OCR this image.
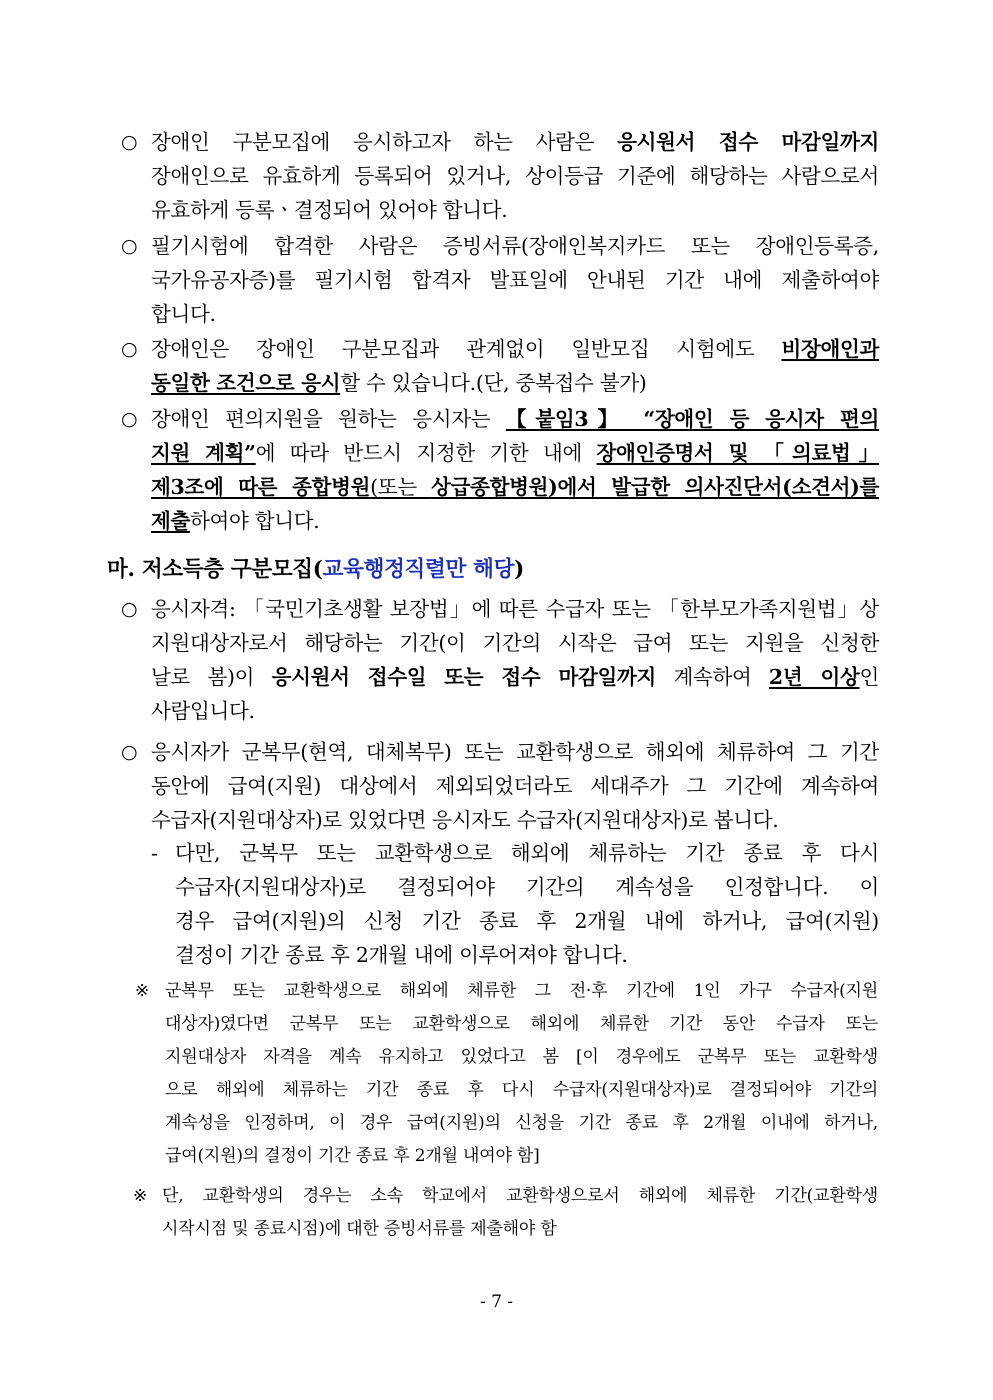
○ 장애인 구분모집에 응시하고자 하는 사람은 응시원서 접수 마감일까지
장애인으로 유효하게 등록되어 있거나, 상이등급 기준에 해당하는 사람으로서
유효하게 등록ㆍ결정되어 있어야 합니다.
○ 필기시험에 합격한 사람은 증빙서류(장애인복지카드 또는 장애인등록증,
국가유공자증)를 필기시험 합격자 발표일에 안내된 기간 내에 제출하여야
합니다.
○ 장애인은 장애인 구분모집과 관계없이 일반모집 시험에도 비장애인과
동일한 조건으로 응시할 수 있습니다.(단, 중복접수 불가)
○ 장애인 편의지원을 원하는 응시자는 【붙임3】 “장애인 등 응시자 편의
지원 계획”에 따라 반드시 지정한 기한 내에 장애인증명서 및 「의료법」
제3조에 따른 종합병원(또는 상급종합병원)에서 발급한 의사진단서(소견서)를
제출하여야 합니다.
마. 저소득층 구분모집(교육행정직렬만 해당)
○ 응시자격: 「국민기초생활 보장법」에 따른 수급자 또는 「한부모가족지원법」상
지원대상자로서 해당하는 기간(이 기간의 시작은 급여 또는 지원을 신청한
날로 봄)이 응시원서 접수일 또는 접수 마감일까지 계속하여 2년 이상인
사람입니다.
○ 응시자가 군복무(현역, 대체복무) 또는 교환학생으로 해외에 체류하여 그 기간
동안에 급여(지원) 대상에서 제외되었더라도 세대주가 그 기간에 계속하여
수급자(지원대상자)로 있었다면 응시자도 수급자(지원대상자)로 봅니다.
- 다만, 군복무 또는 교환학생으로 해외에 체류하는 기간 종료 후 다시
수급자(지원대상자)로 결정되어야 기간의 계속성을 인정합니다. 이
경우 급여(지원)의 신청 기간 종료 후 2개월 내에 하거나, 급여(지원)
결정이 기간 종료 후 2개월 내에 이루어져야 합니다.
※ 군복무 또는 교환학생으로 해외에 체류한 그 전·후 기간에 1인 가구 수급자(지원
대상자)였다면 군복무 또는 교환학생으로 해외에 체류한 기간 동안 수급자 또는
지원대상자 자격을 계속 유지하고 있었다고 봄 [이 경우에도 군복무 또는 교환학생
으로 해외에 체류하는 기간 종료 후 다시 수급자(지원대상자)로 결정되어야 기간의
계속성을 인정하며, 이 경우 급여(지원)의 신청을 기간 종료 후 2개월 이내에 하거나,
급여(지원)의 결정이 기간 종료 후 2개월 내여야 함]
※ 단, 교환학생의 경우는 소속 학교에서 교환학생으로서 해외에 체류한 기간(교환학생
시작시점 및 종료시점)에 대한 증빙서류를 제출해야 함
- 7 -
